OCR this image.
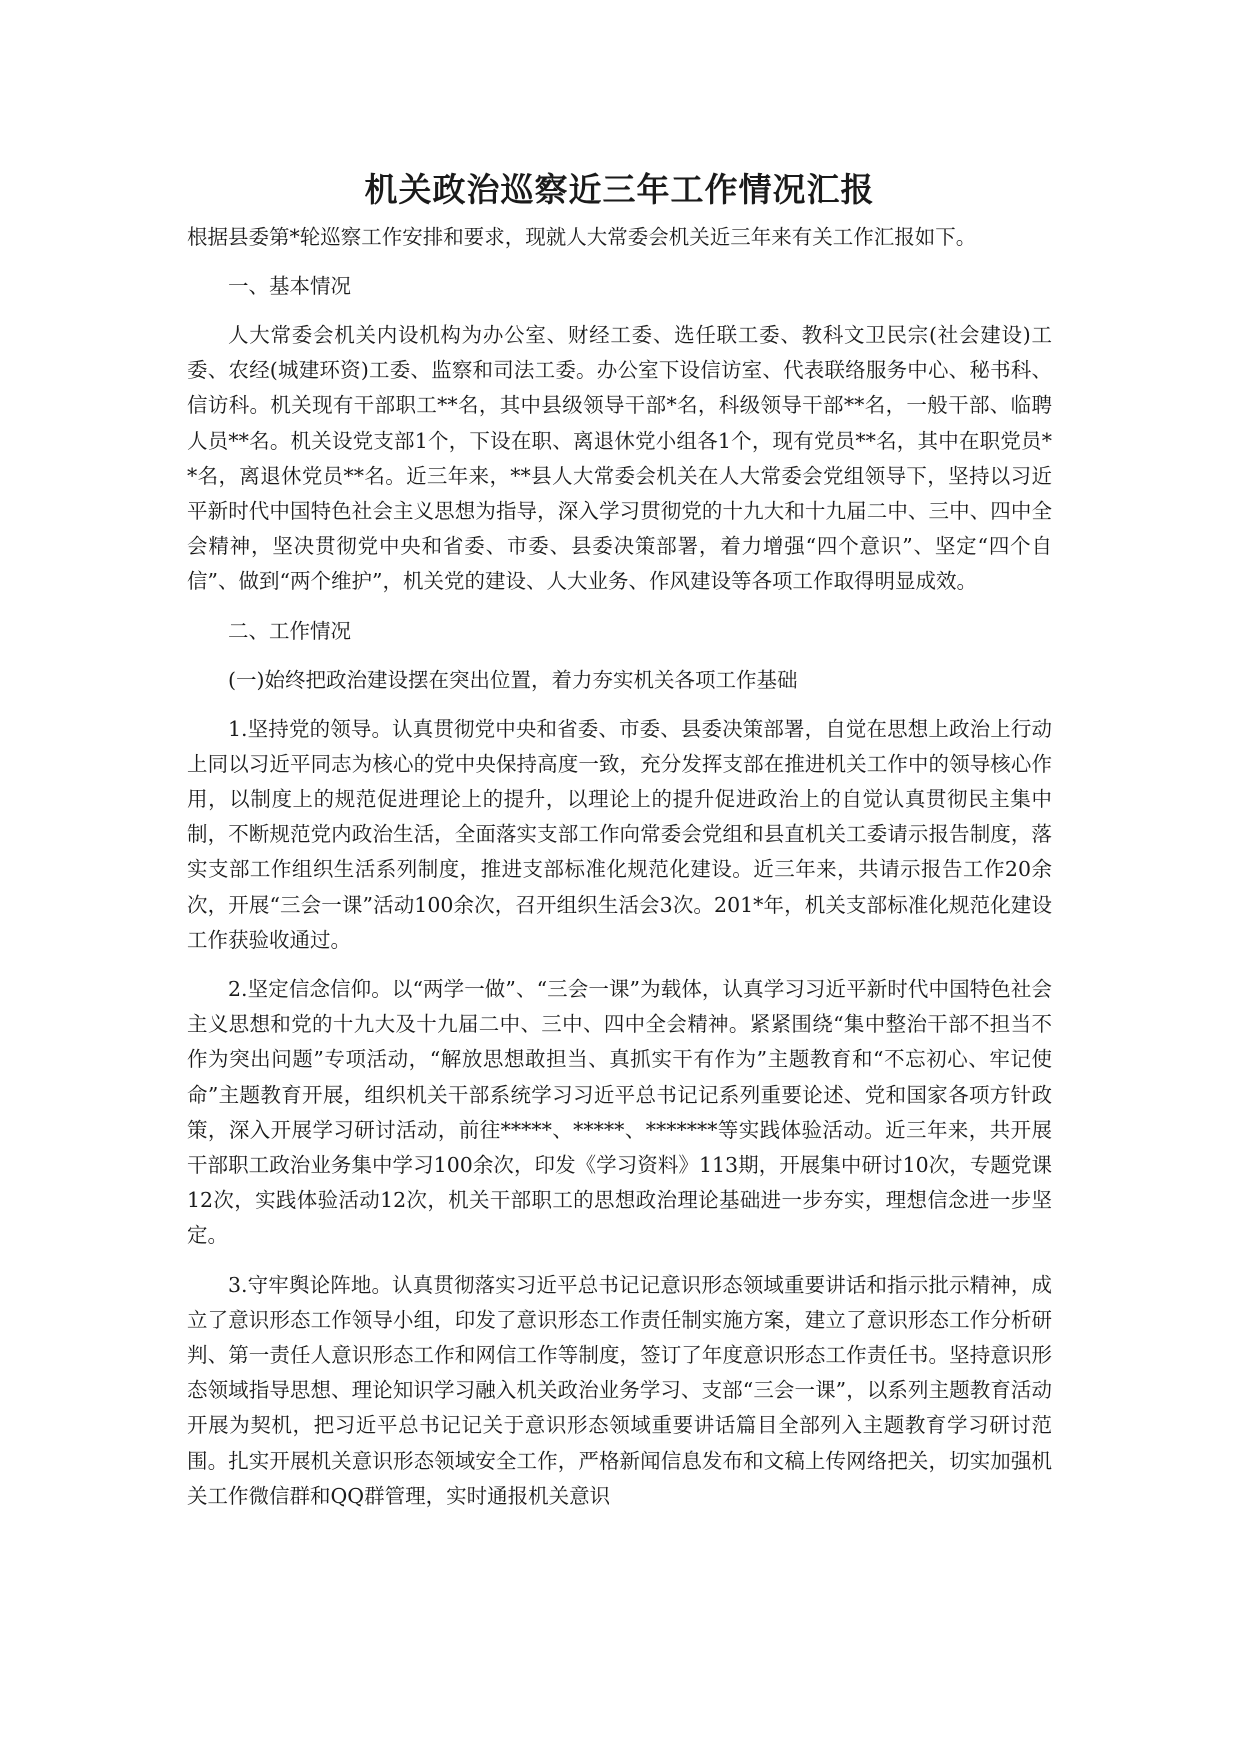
机关政治巡察近三年工作情况汇报

根据县委第*轮巡察工作安排和要求，现就人大常委会机关近三年来有关工作汇报如下。

一、基本情况

人大常委会机关内设机构为办公室、财经工委、选任联工委、教科文卫民宗(社会建设)工委、农经(城建环资)工委、监察和司法工委。办公室下设信访室、代表联络服务中心、秘书科、信访科。机关现有干部职工**名，其中县级领导干部*名，科级领导干部**名，一般干部、临聘人员**名。机关设党支部1个，下设在职、离退休党小组各1个，现有党员**名，其中在职党员**名，离退休党员**名。近三年来，**县人大常委会机关在人大常委会党组领导下，坚持以习近平新时代中国特色社会主义思想为指导，深入学习贯彻党的十九大和十九届二中、三中、四中全会精神，坚决贯彻党中央和省委、市委、县委决策部署，着力增强“四个意识”、坚定“四个自信”、做到“两个维护”，机关党的建设、人大业务、作风建设等各项工作取得明显成效。

二、工作情况

(一)始终把政治建设摆在突出位置，着力夯实机关各项工作基础

1.坚持党的领导。认真贯彻党中央和省委、市委、县委决策部署，自觉在思想上政治上行动上同以习近平同志为核心的党中央保持高度一致，充分发挥支部在推进机关工作中的领导核心作用，以制度上的规范促进理论上的提升，以理论上的提升促进政治上的自觉认真贯彻民主集中制，不断规范党内政治生活，全面落实支部工作向常委会党组和县直机关工委请示报告制度，落实支部工作组织生活系列制度，推进支部标准化规范化建设。近三年来，共请示报告工作20余次，开展“三会一课”活动100余次，召开组织生活会3次。201*年，机关支部标准化规范化建设工作获验收通过。

2.坚定信念信仰。以“两学一做”、“三会一课”为载体，认真学习习近平新时代中国特色社会主义思想和党的十九大及十九届二中、三中、四中全会精神。紧紧围绕“集中整治干部不担当不作为突出问题”专项活动，“解放思想敢担当、真抓实干有作为”主题教育和“不忘初心、牢记使命”主题教育开展，组织机关干部系统学习习近平总书记记系列重要论述、党和国家各项方针政策，深入开展学习研讨活动，前往*****、*****、*******等实践体验活动。近三年来，共开展干部职工政治业务集中学习100余次，印发《学习资料》113期，开展集中研讨10次，专题党课12次，实践体验活动12次，机关干部职工的思想政治理论基础进一步夯实，理想信念进一步坚定。

3.守牢舆论阵地。认真贯彻落实习近平总书记记意识形态领域重要讲话和指示批示精神，成立了意识形态工作领导小组，印发了意识形态工作责任制实施方案，建立了意识形态工作分析研判、第一责任人意识形态工作和网信工作等制度，签订了年度意识形态工作责任书。坚持意识形态领域指导思想、理论知识学习融入机关政治业务学习、支部“三会一课”，以系列主题教育活动开展为契机，把习近平总书记记关于意识形态领域重要讲话篇目全部列入主题教育学习研讨范围。扎实开展机关意识形态领域安全工作，严格新闻信息发布和文稿上传网络把关，切实加强机关工作微信群和QQ群管理，实时通报机关意识
